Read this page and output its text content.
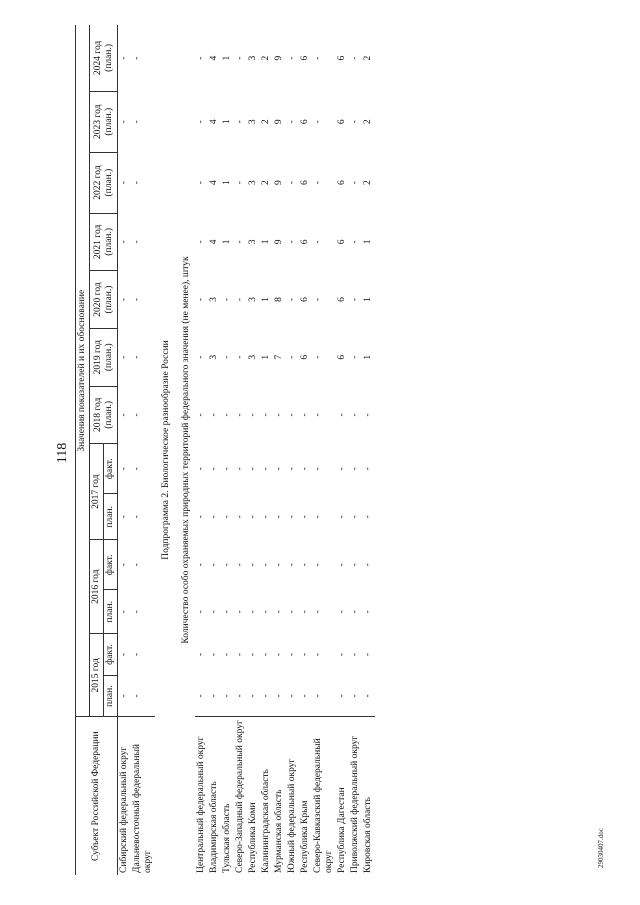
118
Субъект Российской Федерации	Значения показателей и их обоснование												
	2015 год		2016 год		2017 год		2018 год (план.)	2019 год (план.)	2020 год (план.)	2021 год (план.)	2022 год (план.)	2023 год (план.)	2024 год (план.)
	план.	факт.	план.	факт.	план.	факт.							
Сибирский федеральный округ	-	-	-	-	-	-	-	-	-	-	-	-	-
Дальневосточный федеральный округ	-	-	-	-	-	-	-	-	-	-	-	-	-
Подпрограмма 2. Биологическое разнообразие России													
Количество особо охраняемых природных территорий федерального значения (не менее), штук													
Центральный федеральный округ	-	-	-	-	-	-	-	-	-	-	-	-	-
Владимирская область	-	-	-	-	-	-	-	3	3	4	4	4	4
Тульская область	-	-	-	-	-	-	-	-	-	1	1	1	1
Северо-Западный федеральный округ	-	-	-	-	-	-	-	-	-	-	-	-	-
Республика Коми	-	-	-	-	-	-	-	3	3	3	3	3	3
Калининградская область	-	-	-	-	-	-	-	1	1	1	2	2	2
Мурманская область	-	-	-	-	-	-	-	7	8	9	9	9	9
Южный федеральный округ	-	-	-	-	-	-	-	-	-	-	-	-	-
Республика Крым	-	-	-	-	-	-	-	6	6	6	6	6	6
Северо-Кавказский федеральный округ	-	-	-	-	-	-	-	-	-	-	-	-	-
Республика Дагестан	-	-	-	-	-	-	-	6	6	6	6	6	6
Приволжский федеральный округ	-	-	-	-	-	-	-	-	-	-	-	-	-
Кировская область	-	-	-	-	-	-	-	1	1	1	2	2	2
29030407.doc
